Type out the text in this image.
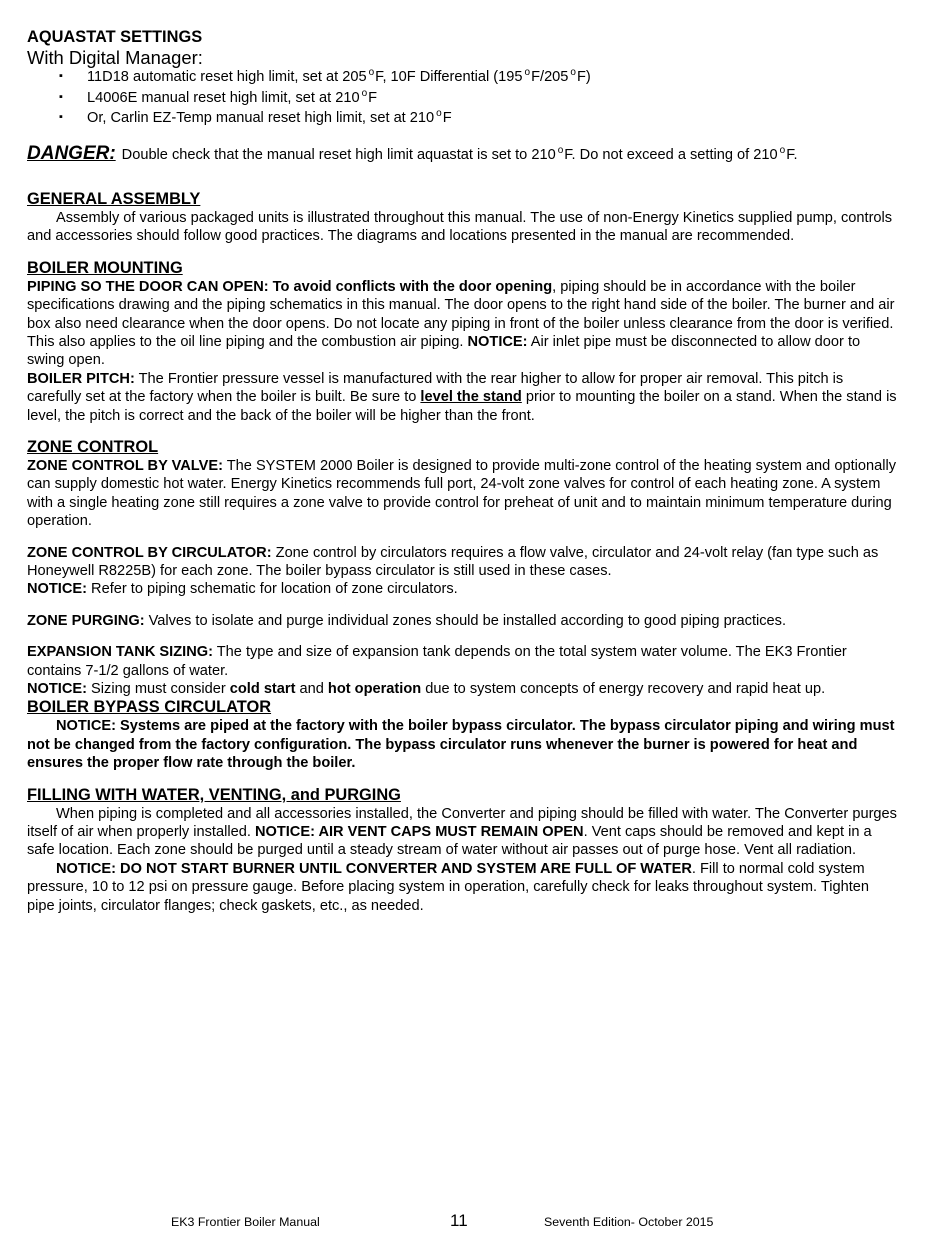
AQUASTAT SETTINGS
With Digital Manager:
▪ 11D18 automatic reset high limit, set at 205 $^o$F, 10F Differential (195 $^o$F/205 $^o$F)
▪ L4006E manual reset high limit, set at 210 $^o$F
▪ Or, Carlin EZ-Temp manual reset high limit, set at 210 $^o$F

DANGER: Double check that the manual reset high limit aquastat is set to 210 $^o$F. Do not exceed a setting of 210 $^o$F.

GENERAL ASSEMBLY

Assembly of various packaged units is illustrated throughout this manual. The use of non-Energy Kinetics supplied pump, controls and accessories should follow good practices. The diagrams and locations presented in the manual are recommended.

BOILER MOUNTING

PIPING SO THE DOOR CAN OPEN: To avoid conflicts with the door opening, piping should be in accordance with the boiler specifications drawing and the piping schematics in this manual. The door opens to the right hand side of the boiler. The burner and air box also need clearance when the door opens. Do not locate any piping in front of the boiler unless clearance from the door is verified. This also applies to the oil line piping and the combustion air piping. NOTICE: Air inlet pipe must be disconnected to allow door to swing open.

BOILER PITCH: The Frontier pressure vessel is manufactured with the rear higher to allow for proper air removal. This pitch is carefully set at the factory when the boiler is built. Be sure to level the stand prior to mounting the boiler on a stand. When the stand is level, the pitch is correct and the back of the boiler will be higher than the front.

ZONE CONTROL

ZONE CONTROL BY VALVE: The SYSTEM 2000 Boiler is designed to provide multi-zone control of the heating system and optionally can supply domestic hot water. Energy Kinetics recommends full port, 24-volt zone valves for control of each heating zone. A system with a single heating zone still requires a zone valve to provide control for preheat of unit and to maintain minimum temperature during operation.

ZONE CONTROL BY CIRCULATOR: Zone control by circulators requires a flow valve, circulator and 24-volt relay (fan type such as Honeywell R8225B) for each zone. The boiler bypass circulator is still used in these cases.

NOTICE: Refer to piping schematic for location of zone circulators.

ZONE PURGING: Valves to isolate and purge individual zones should be installed according to good piping practices.

EXPANSION TANK SIZING: The type and size of expansion tank depends on the total system water volume. The EK3 Frontier contains 7-1/2 gallons of water.

NOTICE: Sizing must consider cold start and hot operation due to system concepts of energy recovery and rapid heat up.

BOILER BYPASS CIRCULATOR

NOTICE: Systems are piped at the factory with the boiler bypass circulator. The bypass circulator piping and wiring must not be changed from the factory configuration. The bypass circulator runs whenever the burner is powered for heat and ensures the proper flow rate through the boiler.

FILLING WITH WATER, VENTING, and PURGING

When piping is completed and all accessories installed, the Converter and piping should be filled with water. The Converter purges itself of air when properly installed. NOTICE: AIR VENT CAPS MUST REMAIN OPEN. Vent caps should be removed and kept in a safe location. Each zone should be purged until a steady stream of water without air passes out of purge hose. Vent all radiation.

NOTICE: DO NOT START BURNER UNTIL CONVERTER AND SYSTEM ARE FULL OF WATER. Fill to normal cold system pressure, 10 to 12 psi on pressure gauge. Before placing system in operation, carefully check for leaks throughout system. Tighten pipe joints, circulator flanges; check gaskets, etc., as needed.

EK3 Frontier Boiler Manual	11	Seventh Edition- October 2015
